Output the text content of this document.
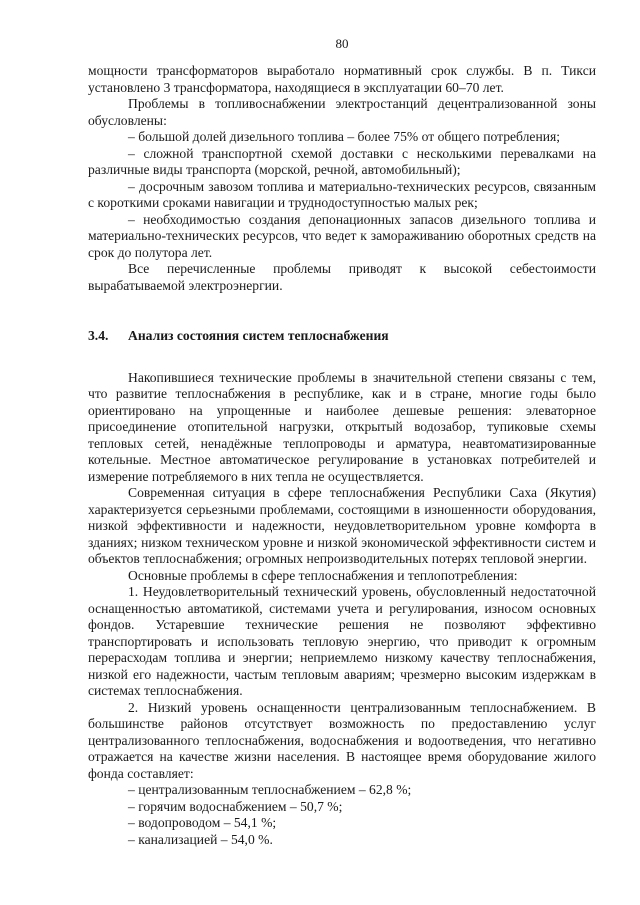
80

мощности трансформаторов выработало нормативный срок службы. В п. Тикси установлено 3 трансформатора, находящиеся в эксплуатации 60–70 лет.

Проблемы в топливоснабжении электростанций децентрализованной зоны обусловлены:

– большой долей дизельного топлива – более 75% от общего потребления;

– сложной транспортной схемой доставки с несколькими перевалками на различные виды транспорта (морской, речной, автомобильный);

– досрочным завозом топлива и материально-технических ресурсов, связанным с короткими сроками навигации и труднодоступностью малых рек;

– необходимостью создания депонационных запасов дизельного топлива и материально-технических ресурсов, что ведет к замораживанию оборотных средств на срок до полутора лет.

Все перечисленные проблемы приводят к высокой себестоимости вырабатываемой электроэнергии.

3.4.	Анализ состояния систем теплоснабжения

Накопившиеся технические проблемы в значительной степени связаны с тем, что развитие теплоснабжения в республике, как и в стране, многие годы было ориентировано на упрощенные и наиболее дешевые решения: элеваторное присоединение отопительной нагрузки, открытый водозабор, тупиковые схемы тепловых сетей, ненадёжные теплопроводы и арматура, неавтоматизированные котельные. Местное автоматическое регулирование в установках потребителей и измерение потребляемого в них тепла не осуществляется.

Современная ситуация в сфере теплоснабжения Республики Саха (Якутия) характеризуется серьезными проблемами, состоящими в изношенности оборудования, низкой эффективности и надежности, неудовлетворительном уровне комфорта в зданиях; низком техническом уровне и низкой экономической эффективности систем и объектов теплоснабжения; огромных непроизводительных потерях тепловой энергии.

Основные проблемы в сфере теплоснабжения и теплопотребления:

1. Неудовлетворительный технический уровень, обусловленный недостаточной оснащенностью автоматикой, системами учета и регулирования, износом основных фондов. Устаревшие технические решения не позволяют эффективно транспортировать и использовать тепловую энергию, что приводит к огромным перерасходам топлива и энергии; неприемлемо низкому качеству теплоснабжения, низкой его надежности, частым тепловым авариям; чрезмерно высоким издержкам в системах теплоснабжения.

2. Низкий уровень оснащенности централизованным теплоснабжением. В большинстве районов отсутствует возможность по предоставлению услуг централизованного теплоснабжения, водоснабжения и водоотведения, что негативно отражается на качестве жизни населения. В настоящее время оборудование жилого фонда составляет:

– централизованным теплоснабжением – 62,8 %;

– горячим водоснабжением – 50,7 %;

– водопроводом – 54,1 %;

– канализацией – 54,0 %.
